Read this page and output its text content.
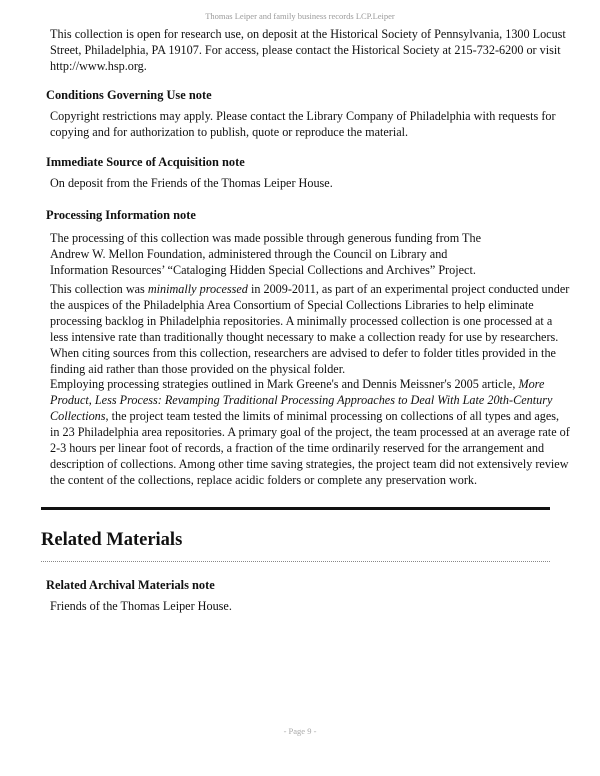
Thomas Leiper and family business records LCP.Leiper

This collection is open for research use, on deposit at the Historical Society of Pennsylvania, 1300 Locust Street, Philadelphia, PA 19107. For access, please contact the Historical Society at 215-732-6200 or visit http://www.hsp.org.

Conditions Governing Use note

Copyright restrictions may apply. Please contact the Library Company of Philadelphia with requests for copying and for authorization to publish, quote or reproduce the material.

Immediate Source of Acquisition note

On deposit from the Friends of the Thomas Leiper House.

Processing Information note

The processing of this collection was made possible through generous funding from The Andrew W. Mellon Foundation, administered through the Council on Library and Information Resources’ “Cataloging Hidden Special Collections and Archives” Project.

This collection was minimally processed in 2009-2011, as part of an experimental project conducted under the auspices of the Philadelphia Area Consortium of Special Collections Libraries to help eliminate processing backlog in Philadelphia repositories. A minimally processed collection is one processed at a less intensive rate than traditionally thought necessary to make a collection ready for use by researchers. When citing sources from this collection, researchers are advised to defer to folder titles provided in the finding aid rather than those provided on the physical folder.

Employing processing strategies outlined in Mark Greene's and Dennis Meissner's 2005 article, More Product, Less Process: Revamping Traditional Processing Approaches to Deal With Late 20th-Century Collections, the project team tested the limits of minimal processing on collections of all types and ages, in 23 Philadelphia area repositories. A primary goal of the project, the team processed at an average rate of 2-3 hours per linear foot of records, a fraction of the time ordinarily reserved for the arrangement and description of collections. Among other time saving strategies, the project team did not extensively review the content of the collections, replace acidic folders or complete any preservation work.

Related Materials
Related Archival Materials note

Friends of the Thomas Leiper House.

- Page 9 -
